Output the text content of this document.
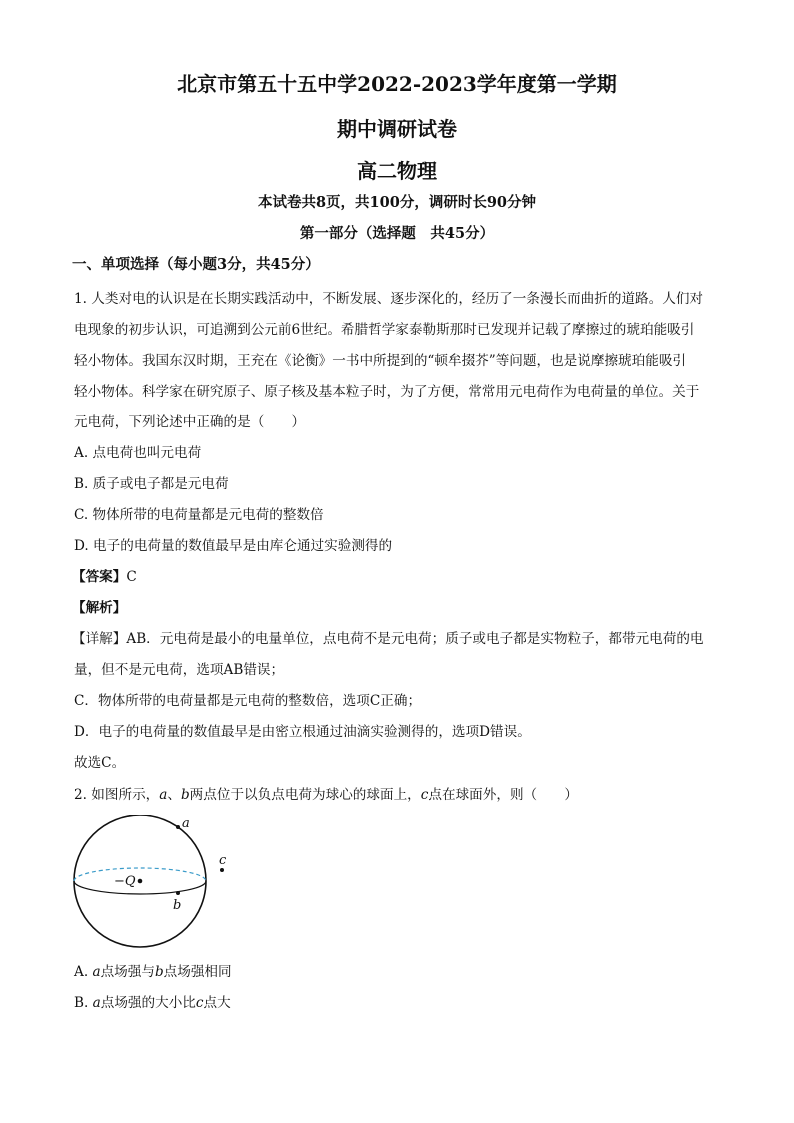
北京市第五十五中学2022-2023学年度第一学期
期中调研试卷
高二物理
本试卷共8页，共100分，调研时长90分钟
第一部分（选择题　共45分）
一、单项选择（每小题3分，共45分）
1. 人类对电的认识是在长期实践活动中，不断发展、逐步深化的，经历了一条漫长而曲折的道路。人们对
电现象的初步认识，可追溯到公元前6世纪。希腊哲学家泰勒斯那时已发现并记载了摩擦过的琥珀能吸引
轻小物体。我国东汉时期，王充在《论衡》一书中所提到的“顿牟掇芥”等问题，也是说摩擦琥珀能吸引
轻小物体。科学家在研究原子、原子核及基本粒子时，为了方便，常常用元电荷作为电荷量的单位。关于
元电荷，下列论述中正确的是（　　）
A. 点电荷也叫元电荷
B. 质子或电子都是元电荷
C. 物体所带的电荷量都是元电荷的整数倍
D. 电子的电荷量的数值最早是由库仑通过实验测得的
【答案】C
【解析】
【详解】AB．元电荷是最小的电量单位，点电荷不是元电荷；质子或电子都是实物粒子，都带元电荷的电
量，但不是元电荷，选项AB错误；
C．物体所带的电荷量都是元电荷的整数倍，选项C正确；
D．电子的电荷量的数值最早是由密立根通过油滴实验测得的，选项D错误。
故选C。
2. 如图所示，a、b两点位于以负点电荷为球心的球面上，c点在球面外，则（　　）
a
b
c
−Q
A. a点场强与b点场强相同
B. a点场强的大小比c点大
